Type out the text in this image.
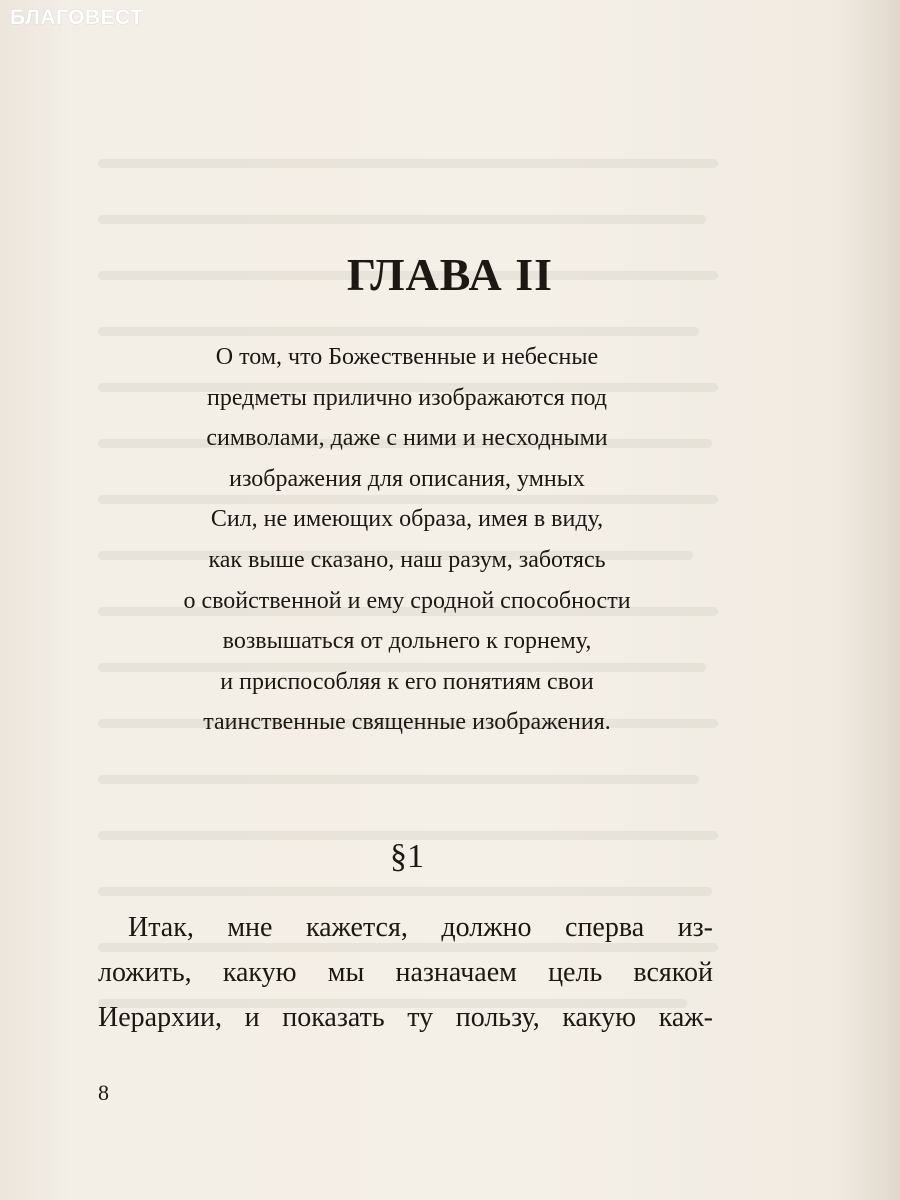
БЛАГОВЕСТ
ГЛАВА II
О том, что Божественные и небесные
предметы прилично изображаются под
символами, даже с ними и несходными
изображения для описания, умных
Сил, не имеющих образа, имея в виду,
как выше сказано, наш разум, заботясь
о свойственной и ему сродной способности
возвышаться от дольнего к горнему,
и приспособляя к его понятиям свои
таинственные священные изображения.
§1
Итак, мне кажется, должно сперва из-
ложить, какую мы назначаем цель всякой
Иерархии, и показать ту пользу, какую каж-
8
